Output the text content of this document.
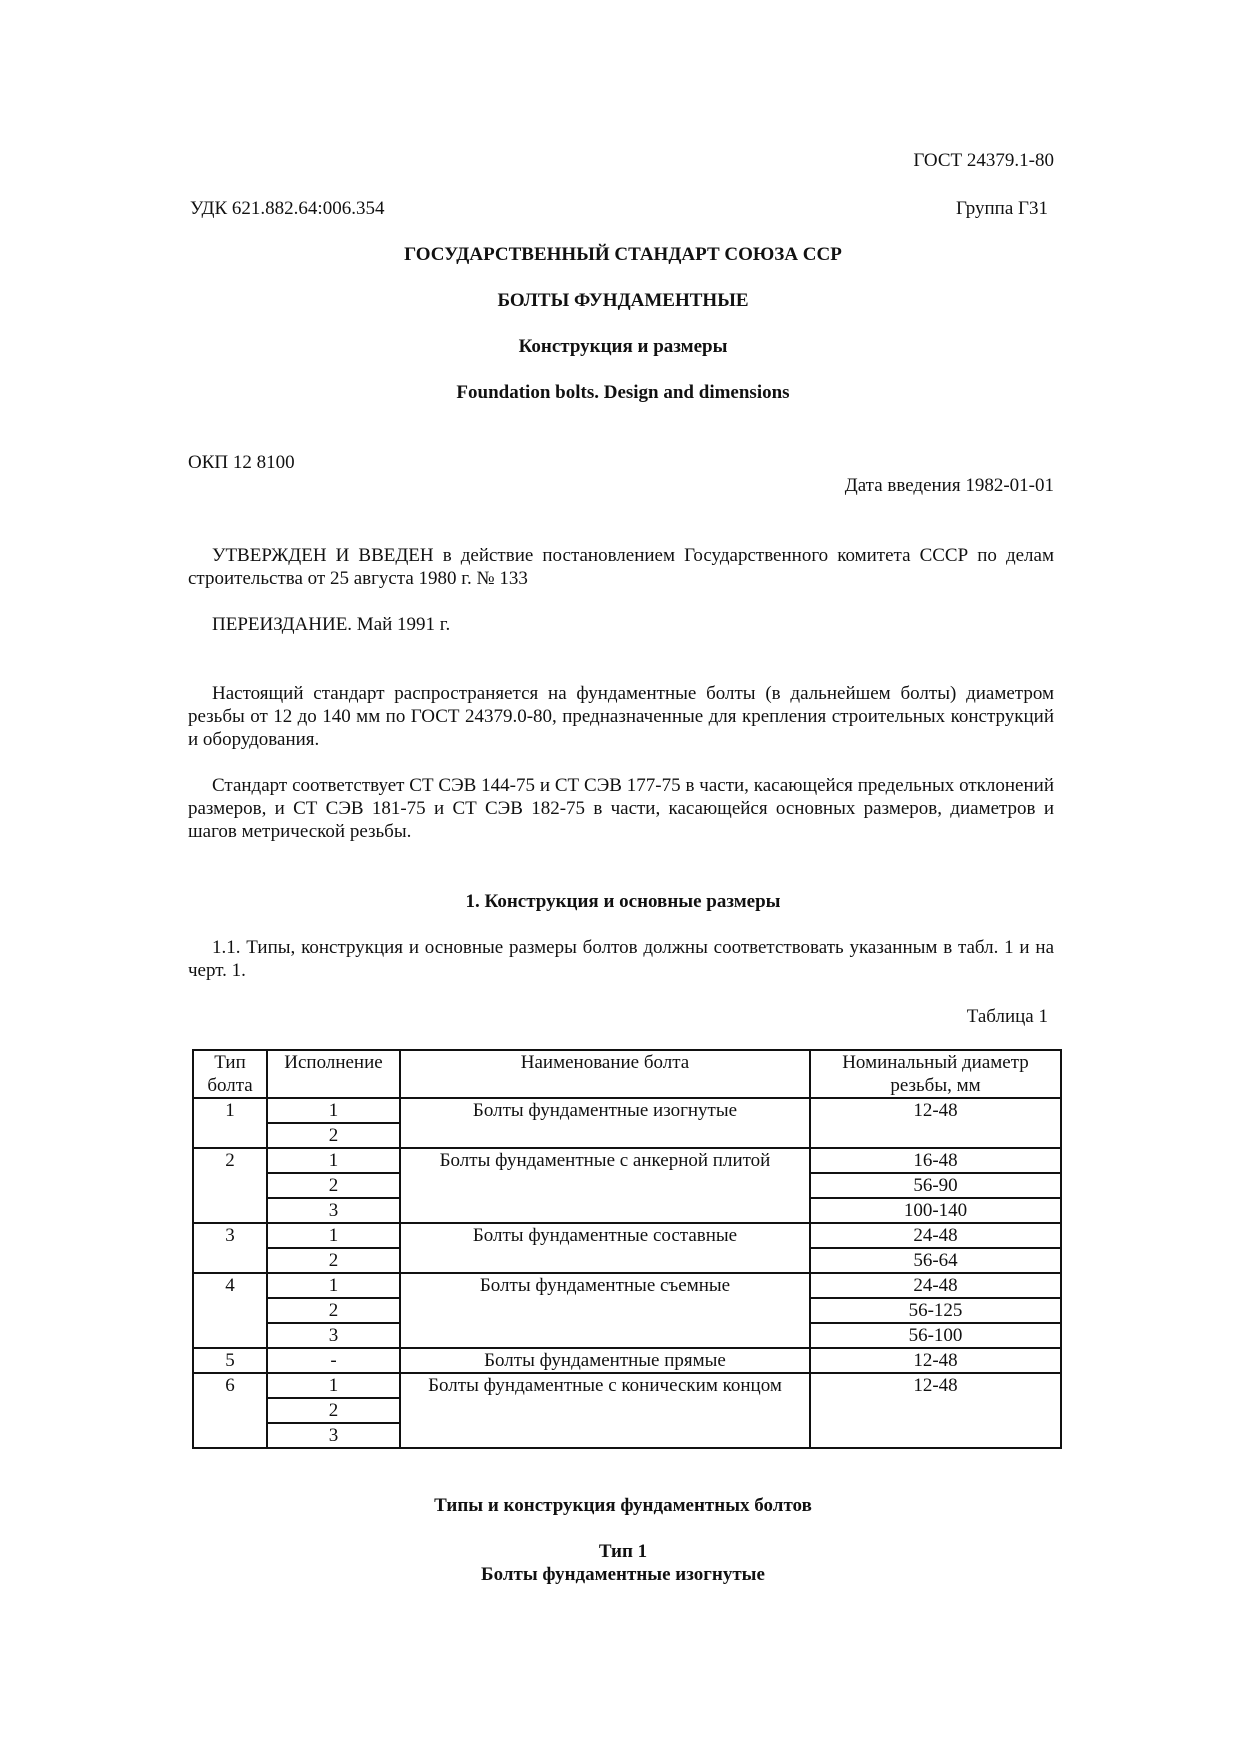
ГОСТ 24379.1-80
УДК 621.882.64:006.354	Группа Г31
ГОСУДАРСТВЕННЫЙ СТАНДАРТ СОЮЗА ССР
БОЛТЫ ФУНДАМЕНТНЫЕ
Конструкция и размеры
Foundation bolts. Design and dimensions
ОКП 12 8100
Дата введения 1982-01-01
УТВЕРЖДЕН И ВВЕДЕН в действие постановлением Государственного комитета СССР по делам строительства от 25 августа 1980 г. № 133
ПЕРЕИЗДАНИЕ. Май 1991 г.
Настоящий стандарт распространяется на фундаментные болты (в дальнейшем болты) диаметром резьбы от 12 до 140 мм по ГОСТ 24379.0-80, предназначенные для крепления строительных конструкций и оборудования.
Стандарт соответствует СТ СЭВ 144-75 и СТ СЭВ 177-75 в части, касающейся предельных отклонений размеров, и СТ СЭВ 181-75 и СТ СЭВ 182-75 в части, касающейся основных размеров, диаметров и шагов метрической резьбы.
1. Конструкция и основные размеры
1.1. Типы, конструкция и основные размеры болтов должны соответствовать указанным в табл. 1 и на черт. 1.
Таблица 1
Тип болта	Исполнение	Наименование болта	Номинальный диаметр резьбы, мм
1	1	Болты фундаментные изогнутые	12-48
	2		
2	1	Болты фундаментные с анкерной плитой	16-48
	2		56-90
	3		100-140
3	1	Болты фундаментные составные	24-48
	2		56-64
4	1	Болты фундаментные съемные	24-48
	2		56-125
	3		56-100
5	-	Болты фундаментные прямые	12-48
6	1	Болты фундаментные с коническим концом	12-48
	2		
	3		
Типы и конструкция фундаментных болтов
Тип 1
Болты фундаментные изогнутые
